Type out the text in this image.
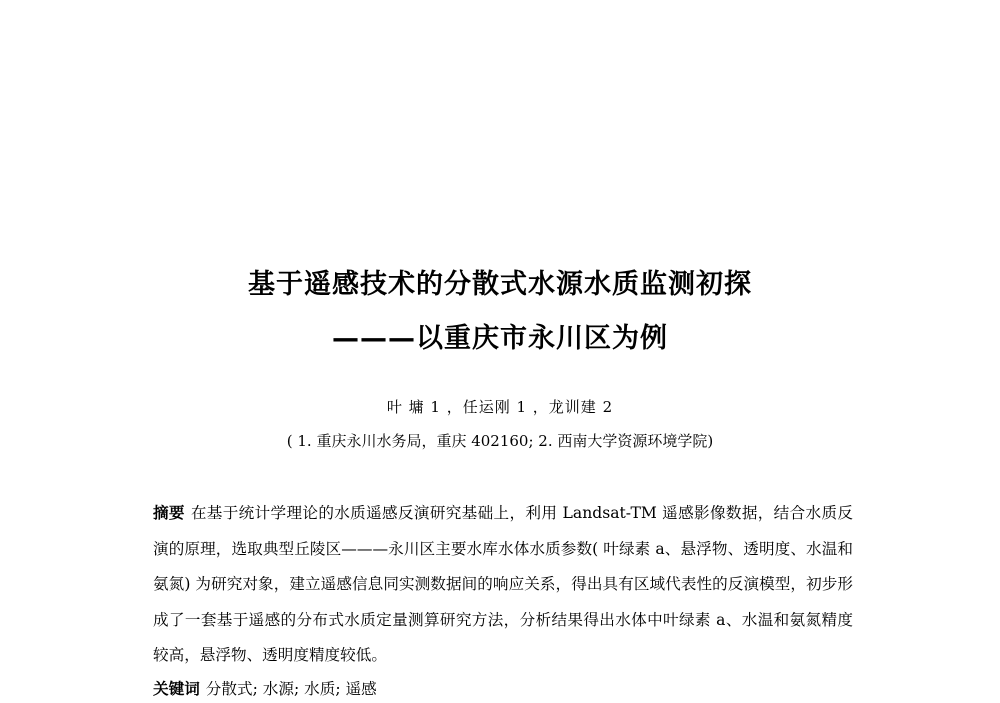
基于遥感技术的分散式水源水质监测初探
———以重庆市永川区为例
叶 墉 1 ，任运刚 1 ，龙训建 2
( 1. 重庆永川水务局，重庆 402160; 2. 西南大学资源环境学院)
摘要 在基于统计学理论的水质遥感反演研究基础上，利用 Landsat-TM 遥感影像数据，结合水质反演的原理，选取典型丘陵区———永川区主要水库水体水质参数( 叶绿素 a、悬浮物、透明度、水温和氨氮) 为研究对象，建立遥感信息同实测数据间的响应关系，得出具有区域代表性的反演模型，初步形成了一套基于遥感的分布式水质定量测算研究方法，分析结果得出水体中叶绿素 a、水温和氨氮精度较高，悬浮物、透明度精度较低。
关键词 分散式; 水源; 水质; 遥感
